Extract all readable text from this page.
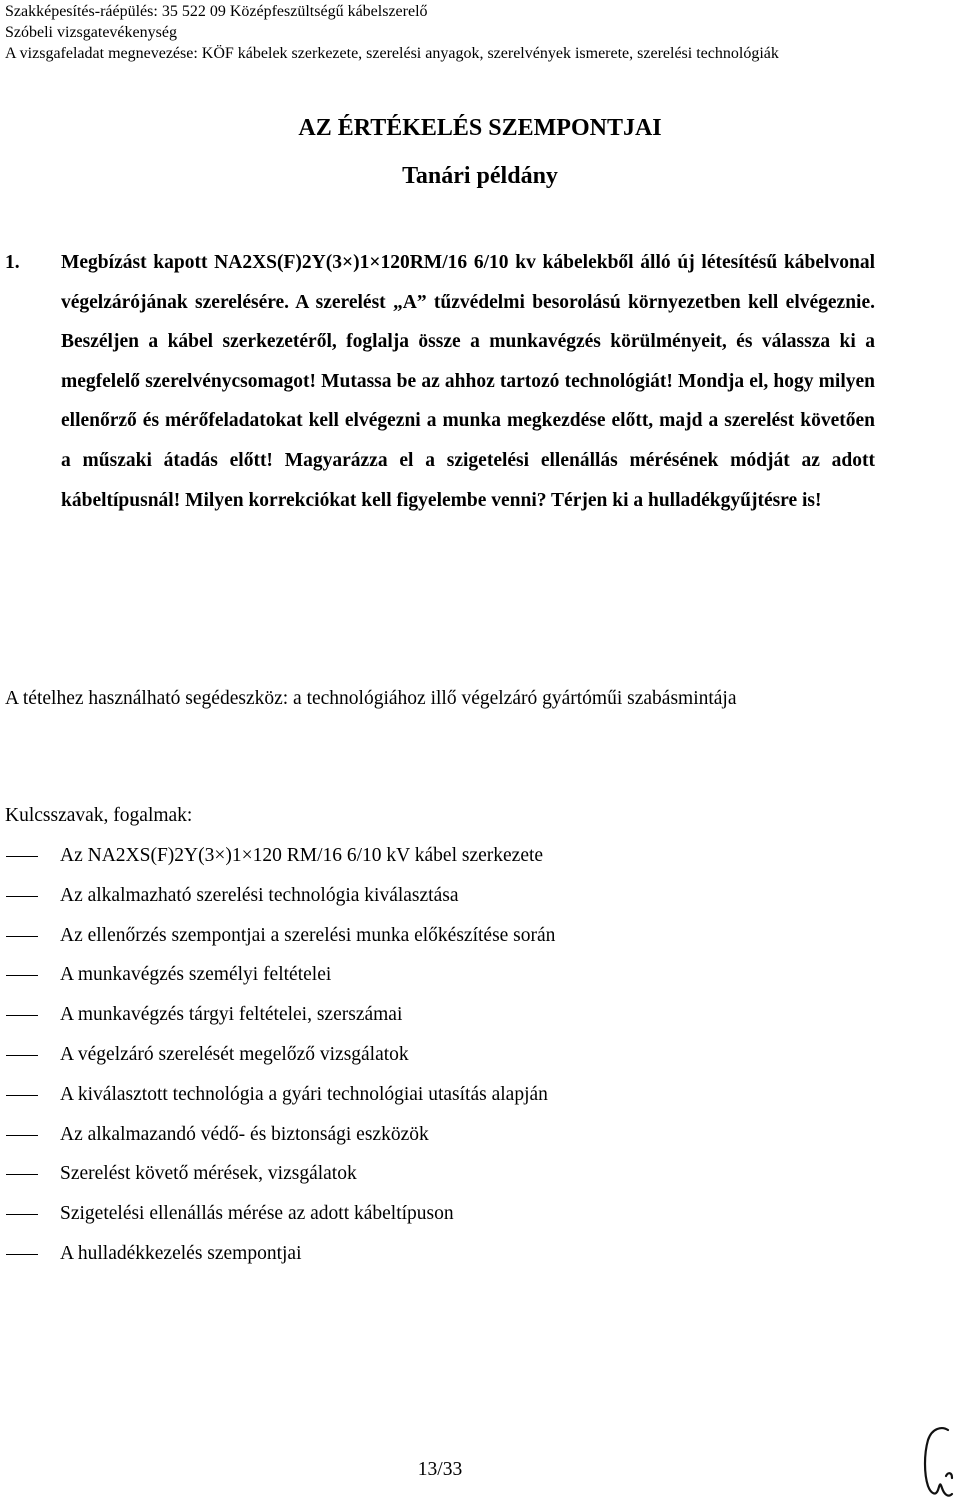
Szakképesítés-ráépülés: 35 522 09 Középfeszültségű kábelszerelő
Szóbeli vizsgatevékenység
A vizsgafeladat megnevezése: KÖF kábelek szerkezete, szerelési anyagok, szerelvények ismerete, szerelési technológiák
AZ ÉRTÉKELÉS SZEMPONTJAI
Tanári példány
1. Megbízást kapott NA2XS(F)2Y(3×)1×120RM/16 6/10 kv kábelekből álló új létesítésű kábelvonal végelzárójának szerelésére. A szerelést „A” tűzvédelmi besorolású környezetben kell elvégeznie. Beszéljen a kábel szerkezetéről, foglalja össze a munkavégzés körülményeit, és válassza ki a megfelelő szerelvénycsomagot! Mutassa be az ahhoz tartozó technológiát! Mondja el, hogy milyen ellenőrző és mérőfeladatokat kell elvégezni a munka megkezdése előtt, majd a szerelést követően a műszaki átadás előtt! Magyarázza el a szigetelési ellenállás mérésének módját az adott kábeltípusnál! Milyen korrekciókat kell figyelembe venni? Térjen ki a hulladékgyűjtésre is!
A tételhez használható segédeszköz: a technológiához illő végelzáró gyártóműi szabásmintája
Kulcsszavak, fogalmak:
Az NA2XS(F)2Y(3×)1×120 RM/16 6/10 kV kábel szerkezete
Az alkalmazható szerelési technológia kiválasztása
Az ellenőrzés szempontjai a szerelési munka előkészítése során
A munkavégzés személyi feltételei
A munkavégzés tárgyi feltételei, szerszámai
A végelzáró szerelését megelőző vizsgálatok
A kiválasztott technológia a gyári technológiai utasítás alapján
Az alkalmazandó védő- és biztonsági eszközök
Szerelést követő mérések, vizsgálatok
Szigetelési ellenállás mérése az adott kábeltípuson
A hulladékkezelés szempontjai
13/33
